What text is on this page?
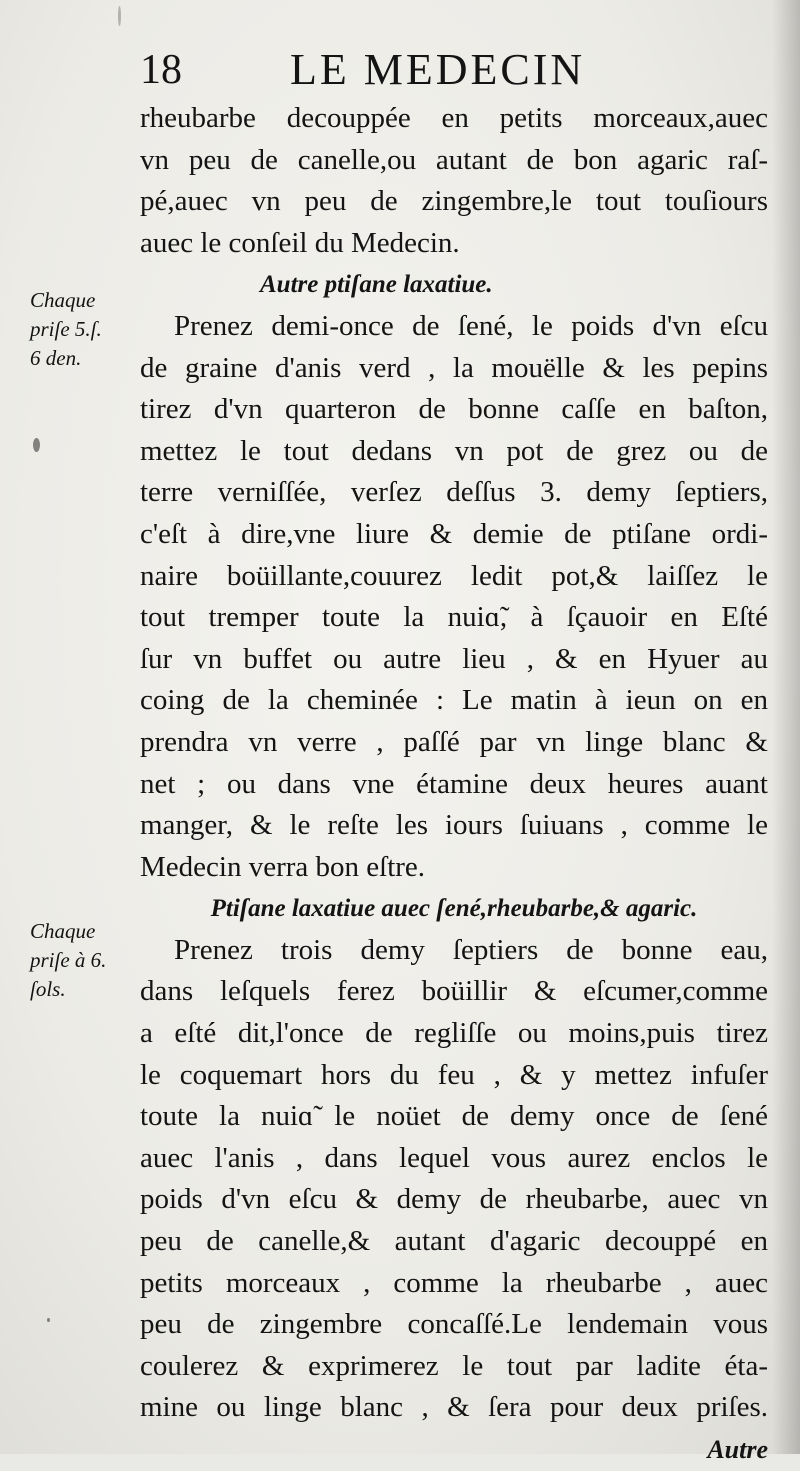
18 LE MEDECIN
rheubarbe decouppée en petits morceaux,auec
vn peu de canelle,ou autant de bon agaric raſ-
pé,auec vn peu de zingembre,le tout touſiours
auec le conſeil du Medecin.
Autre ptiſane laxatiue.
Prenez demi-once de ſené, le poids d'vn eſcu
de graine d'anis verd , la mouëlle & les pepins
tirez d'vn quarteron de bonne caſſe en baſton,
mettez le tout dedans vn pot de grez ou de
terre verniſſée, verſez deſſus 3. demy ſeptiers,
c'eſt à dire,vne liure & demie de ptiſane ordi-
naire boüillante,couurez ledit pot,& laiſſez le
tout tremper toute la nuiɑ̃, à ſçauoir en Eſté
ſur vn buffet ou autre lieu , & en Hyuer au
coing de la cheminée : Le matin à ieun on en
prendra vn verre , paſſé par vn linge blanc &
net ; ou dans vne étamine deux heures auant
manger, & le reſte les iours ſuiuans , comme le
Medecin verra bon eſtre.
Ptiſane laxatiue auec ſené,rheubarbe,& agaric.
Prenez trois demy ſeptiers de bonne eau,
dans leſquels ferez boüillir & eſcumer,comme
a eſté dit,l'once de regliſſe ou moins,puis tirez
le coquemart hors du feu , & y mettez infuſer
toute la nuiɑ̃ le noüet de demy once de ſené
auec l'anis , dans lequel vous aurez enclos le
poids d'vn eſcu & demy de rheubarbe, auec vn
peu de canelle,& autant d'agaric decouppé en
petits morceaux , comme la rheubarbe , auec
peu de zingembre concaſſé.Le lendemain vous
coulerez & exprimerez le tout par ladite éta-
mine ou linge blanc , & ſera pour deux priſes.
Autre
Chaque
priſe 5.ſ.
6 den.
Chaque
priſe à 6.
ſols.
